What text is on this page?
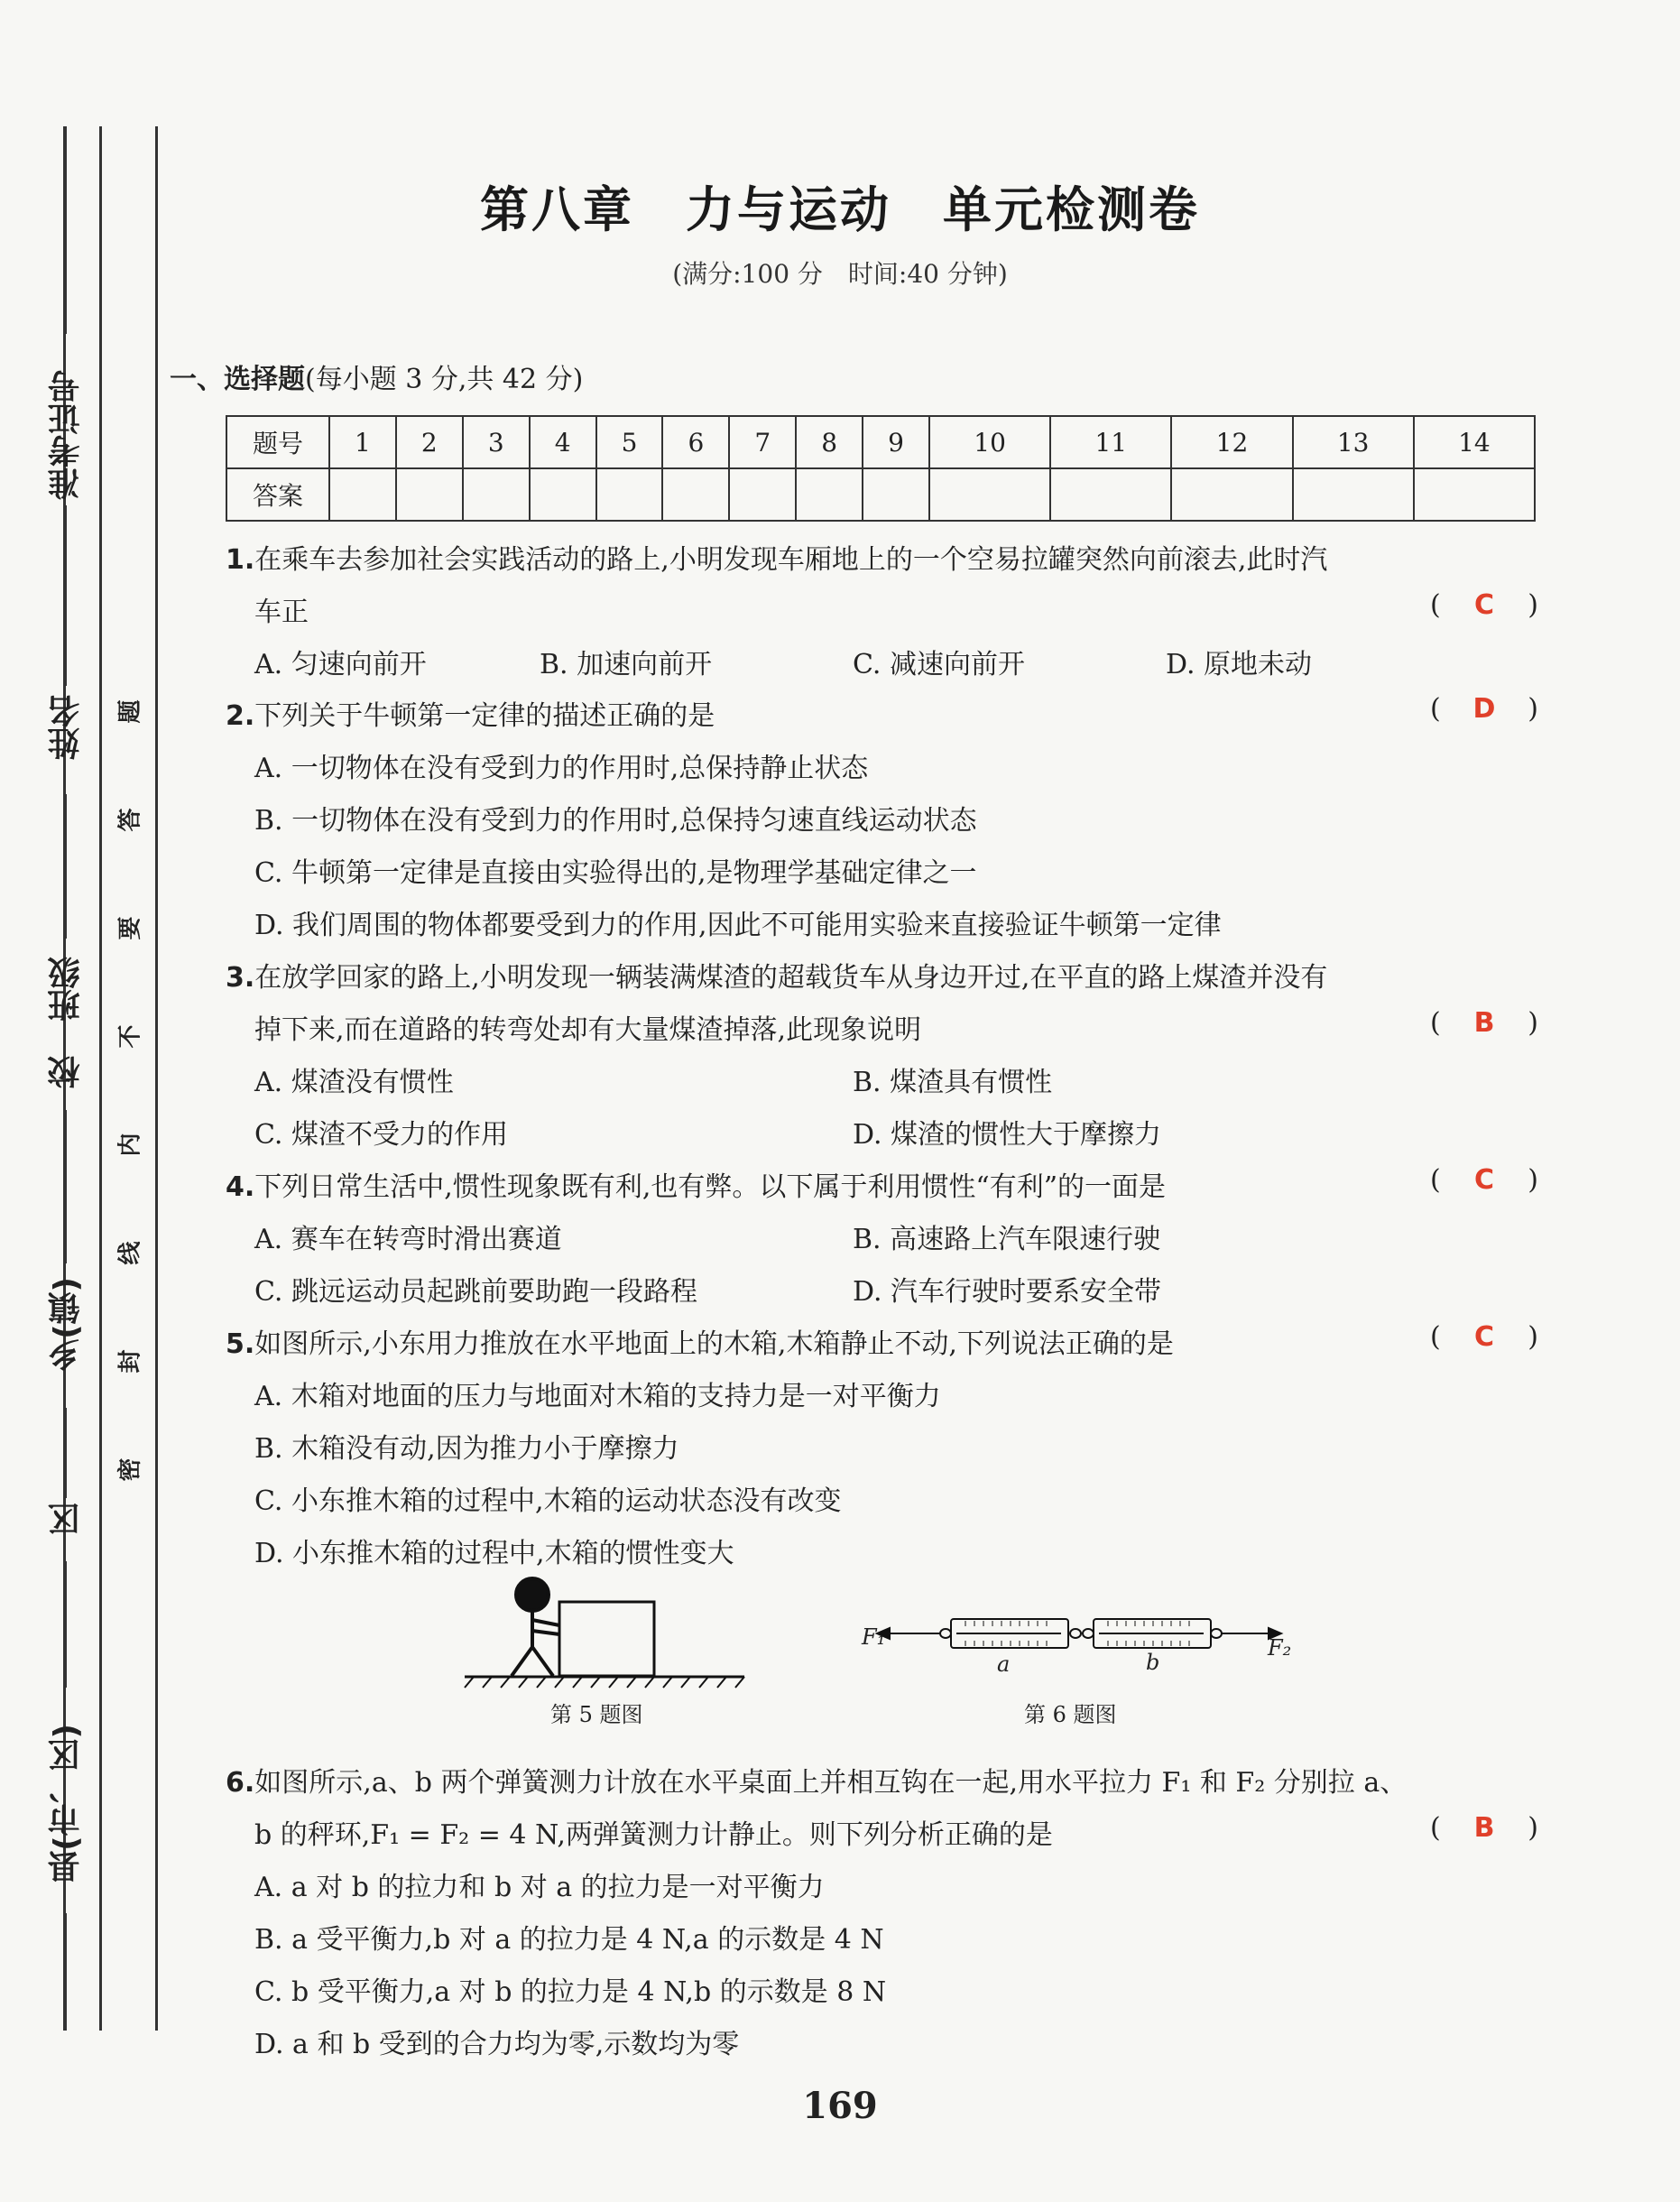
准考证号
姓名
班级
校
乡(镇)
区
县(市、区)
题
答
要
不
内
线
封
密
第八章　力与运动　单元检测卷
(满分:100 分　时间:40 分钟)
一、选择题(每小题 3 分,共 42 分)
题号	1	2	3	4	5	6	7	8	9	10	11	12	13	14
答案														
1.在乘车去参加社会实践活动的路上,小明发现车厢地上的一个空易拉罐突然向前滚去,此时汽
车正	( C )
A. 匀速向前开	B. 加速向前开	C. 减速向前开	D. 原地未动
2.下列关于牛顿第一定律的描述正确的是	( D )
A. 一切物体在没有受到力的作用时,总保持静止状态
B. 一切物体在没有受到力的作用时,总保持匀速直线运动状态
C. 牛顿第一定律是直接由实验得出的,是物理学基础定律之一
D. 我们周围的物体都要受到力的作用,因此不可能用实验来直接验证牛顿第一定律
3.在放学回家的路上,小明发现一辆装满煤渣的超载货车从身边开过,在平直的路上煤渣并没有
掉下来,而在道路的转弯处却有大量煤渣掉落,此现象说明	( B )
A. 煤渣没有惯性	B. 煤渣具有惯性
C. 煤渣不受力的作用	D. 煤渣的惯性大于摩擦力
4.下列日常生活中,惯性现象既有利,也有弊。以下属于利用惯性“有利”的一面是	( C )
A. 赛车在转弯时滑出赛道	B. 高速路上汽车限速行驶
C. 跳远运动员起跳前要助跑一段路程	D. 汽车行驶时要系安全带
5.如图所示,小东用力推放在水平地面上的木箱,木箱静止不动,下列说法正确的是	( C )
A. 木箱对地面的压力与地面对木箱的支持力是一对平衡力
B. 木箱没有动,因为推力小于摩擦力
C. 小东推木箱的过程中,木箱的运动状态没有改变
D. 小东推木箱的过程中,木箱的惯性变大
第 5 题图
F₁	F₂
a	b
第 6 题图
6.如图所示,a、b 两个弹簧测力计放在水平桌面上并相互钩在一起,用水平拉力 F₁ 和 F₂ 分别拉 a、
b 的秤环,F₁ = F₂ = 4 N,两弹簧测力计静止。则下列分析正确的是	( B )
A. a 对 b 的拉力和 b 对 a 的拉力是一对平衡力
B. a 受平衡力,b 对 a 的拉力是 4 N,a 的示数是 4 N
C. b 受平衡力,a 对 b 的拉力是 4 N,b 的示数是 8 N
D. a 和 b 受到的合力均为零,示数均为零
169
